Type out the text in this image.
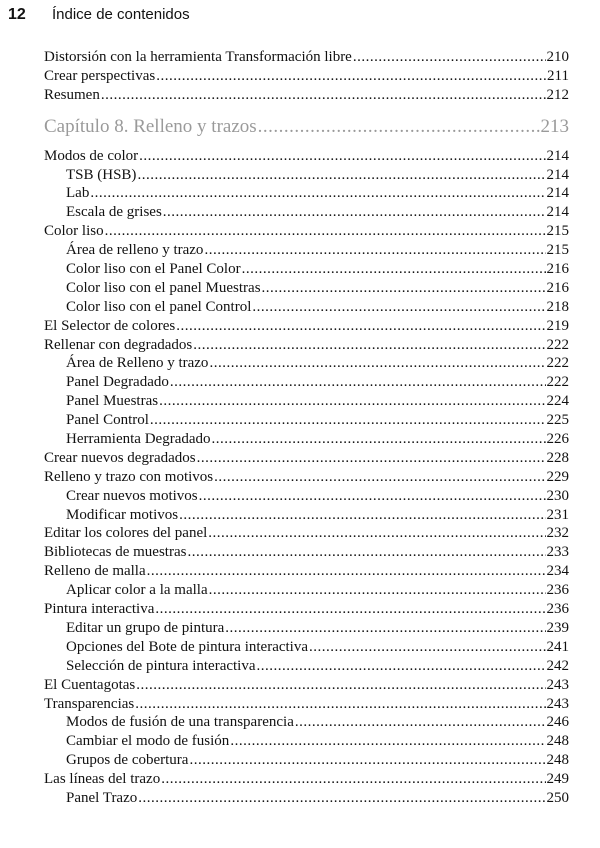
12	Índice de contenidos
Distorsión con la herramienta Transformación libre .....	210
Crear perspectivas .....	211
Resumen .....	212
Capítulo 8. Relleno y trazos .....	213
Modos de color .....	214
TSB (HSB) .....	214
Lab .....	214
Escala de grises .....	214
Color liso .....	215
Área de relleno y trazo .....	215
Color liso con el Panel Color .....	216
Color liso con el panel Muestras .....	216
Color liso con el panel Control .....	218
El Selector de colores .....	219
Rellenar con degradados .....	222
Área de Relleno y trazo .....	222
Panel Degradado .....	222
Panel Muestras .....	224
Panel Control .....	225
Herramienta Degradado .....	226
Crear nuevos degradados .....	228
Relleno y trazo con motivos .....	229
Crear nuevos motivos .....	230
Modificar motivos .....	231
Editar los colores del panel .....	232
Bibliotecas de muestras .....	233
Relleno de malla .....	234
Aplicar color a la malla .....	236
Pintura interactiva .....	236
Editar un grupo de pintura .....	239
Opciones del Bote de pintura interactiva .....	241
Selección de pintura interactiva .....	242
El Cuentagotas .....	243
Transparencias .....	243
Modos de fusión de una transparencia .....	246
Cambiar el modo de fusión .....	248
Grupos de cobertura .....	248
Las líneas del trazo .....	249
Panel Trazo .....	250
